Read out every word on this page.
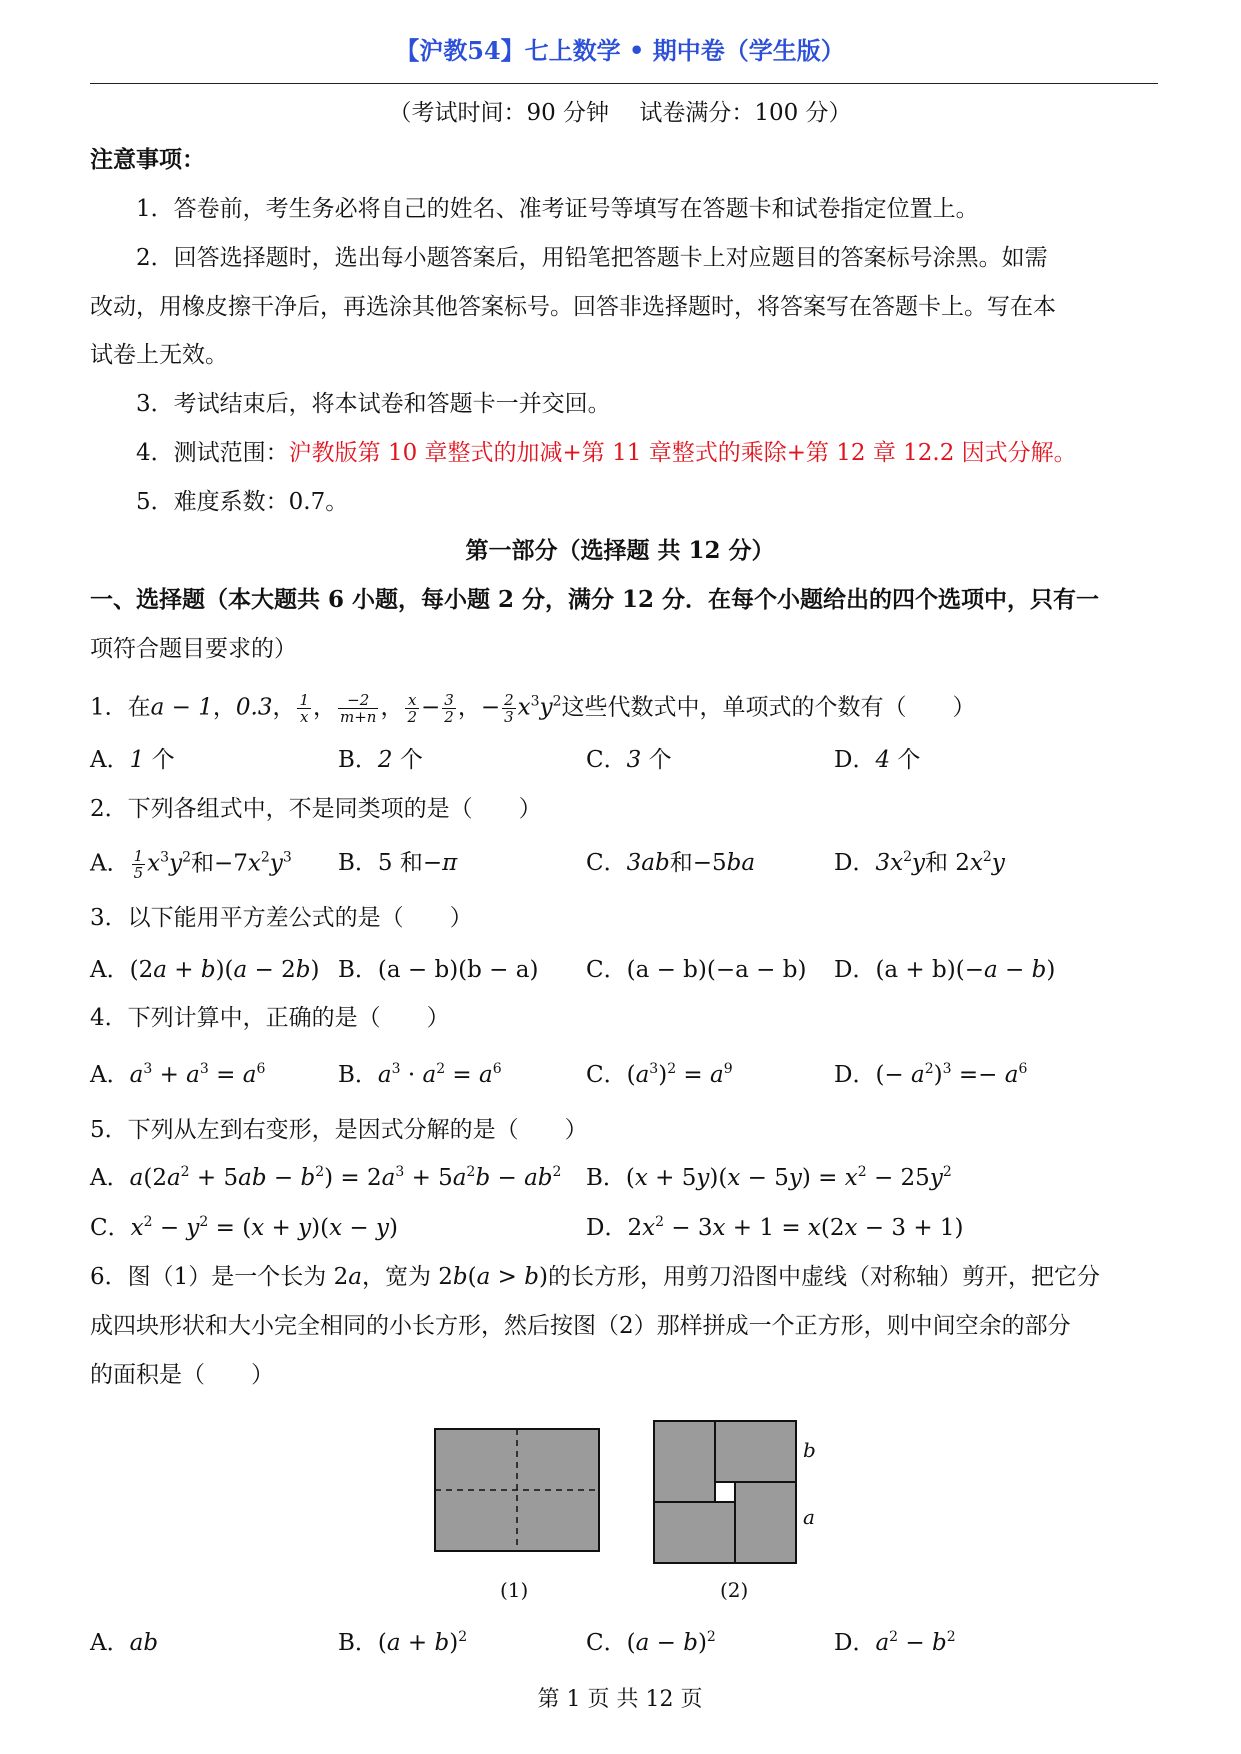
【沪教54】七上数学 • 期中卷（学生版）
（考试时间：90 分钟　 试卷满分：100 分）
注意事项：
1．答卷前，考生务必将自己的姓名、准考证号等填写在答题卡和试卷指定位置上。
2．回答选择题时，选出每小题答案后，用铅笔把答题卡上对应题目的答案标号涂黑。如需
改动，用橡皮擦干净后，再选涂其他答案标号。回答非选择题时，将答案写在答题卡上。写在本
试卷上无效。
3．考试结束后，将本试卷和答题卡一并交回。
4．测试范围：沪教版第 10 章整式的加减+第 11 章整式的乘除+第 12 章 12.2 因式分解。
5．难度系数：0.7。
第一部分（选择题 共 12 分）
一、选择题（本大题共 6 小题，每小题 2 分，满分 12 分．在每个小题给出的四个选项中，只有一
项符合题目要求的）
1．在a − 1，0.3， $\frac{1}{x}$ ， $\frac{-2}{m+n}$ ， $\frac{x}{2} - \frac{3}{2}$ ，− $\frac{2}{3} x^3y^2$这些代数式中，单项式的个数有（　　）
A．1 个	B．2 个	C．3 个	D．4 个
2．下列各组式中，不是同类项的是（　　）
A． $\frac{1}{5} x^3y^2$和$-7x^2y^3$ B．5 和−π	C．3ab和−5ba	D．$3x^2y$和 $2x^2y$
3．以下能用平方差公式的是（　　）
A．(2a + b)(a − 2b) B．(a − b)(b − a) C．(a − b)(−a − b) D．(a + b)(−a − b)
4．下列计算中，正确的是（　　）
A．$a^3 + a^3 = a^6$	B．$a^3 \cdot a^2 = a^6$	C．$(a^3)^2 = a^9$	D．(− $a^2)^3 =- a^6$
5．下列从左到右变形，是因式分解的是（　　）
A．$a(2a^2 + 5ab - b^2) = 2a^3 + 5a^2b - ab^2$ B．$(x + 5y)(x - 5y) = x^2 - 25y^2$
C．$x^2 - y^2 = (x + y)(x - y)$	D．$2x^2 - 3x + 1 = x(2x - 3 + 1)$
6．图（1）是一个长为 2a，宽为 2b(a > b)的长方形，用剪刀沿图中虚线（对称轴）剪开，把它分
成四块形状和大小完全相同的小长方形，然后按图（2）那样拼成一个正方形，则中间空余的部分
的面积是（　　）
(1)
b
a
(2)
A．ab	B．$(a + b)^2$	C．$(a - b)^2$	D．$a^2 - b^2$
第 1 页 共 12 页
